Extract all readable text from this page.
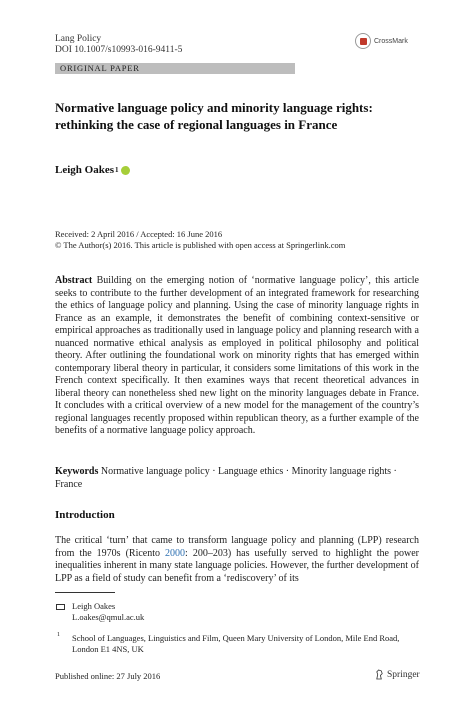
Lang Policy
DOI 10.1007/s10993-016-9411-5
CrossMark
ORIGINAL PAPER
Normative language policy and minority language rights: rethinking the case of regional languages in France
Leigh Oakes 1
Received: 2 April 2016 / Accepted: 16 June 2016
© The Author(s) 2016. This article is published with open access at Springerlink.com
Abstract Building on the emerging notion of ‘normative language policy’, this article seeks to contribute to the further development of an integrated framework for researching the ethics of language policy and planning. Using the case of minority language rights in France as an example, it demonstrates the benefit of combining context-sensitive or empirical approaches as traditionally used in language policy and planning research with a nuanced normative ethical analysis as employed in political philosophy and political theory. After outlining the foundational work on minority rights that has emerged within contemporary liberal theory in particular, it considers some limitations of this work in the French context specifically. It then examines ways that recent theoretical advances in liberal theory can nonetheless shed new light on the minority languages debate in France. It concludes with a critical overview of a new model for the management of the country’s regional languages recently proposed within republican theory, as a further example of the benefits of a normative language policy approach.
Keywords Normative language policy · Language ethics · Minority language rights · France
Introduction
The critical ‘turn’ that came to transform language policy and planning (LPP) research from the 1970s (Ricento 2000: 200–203) has usefully served to highlight the power inequalities inherent in many state language policies. However, the further development of LPP as a field of study can benefit from a ‘rediscovery’ of its
Leigh Oakes
L.oakes@qmul.ac.uk
1 School of Languages, Linguistics and Film, Queen Mary University of London, Mile End Road, London E1 4NS, UK
Published online: 27 July 2016	Springer
